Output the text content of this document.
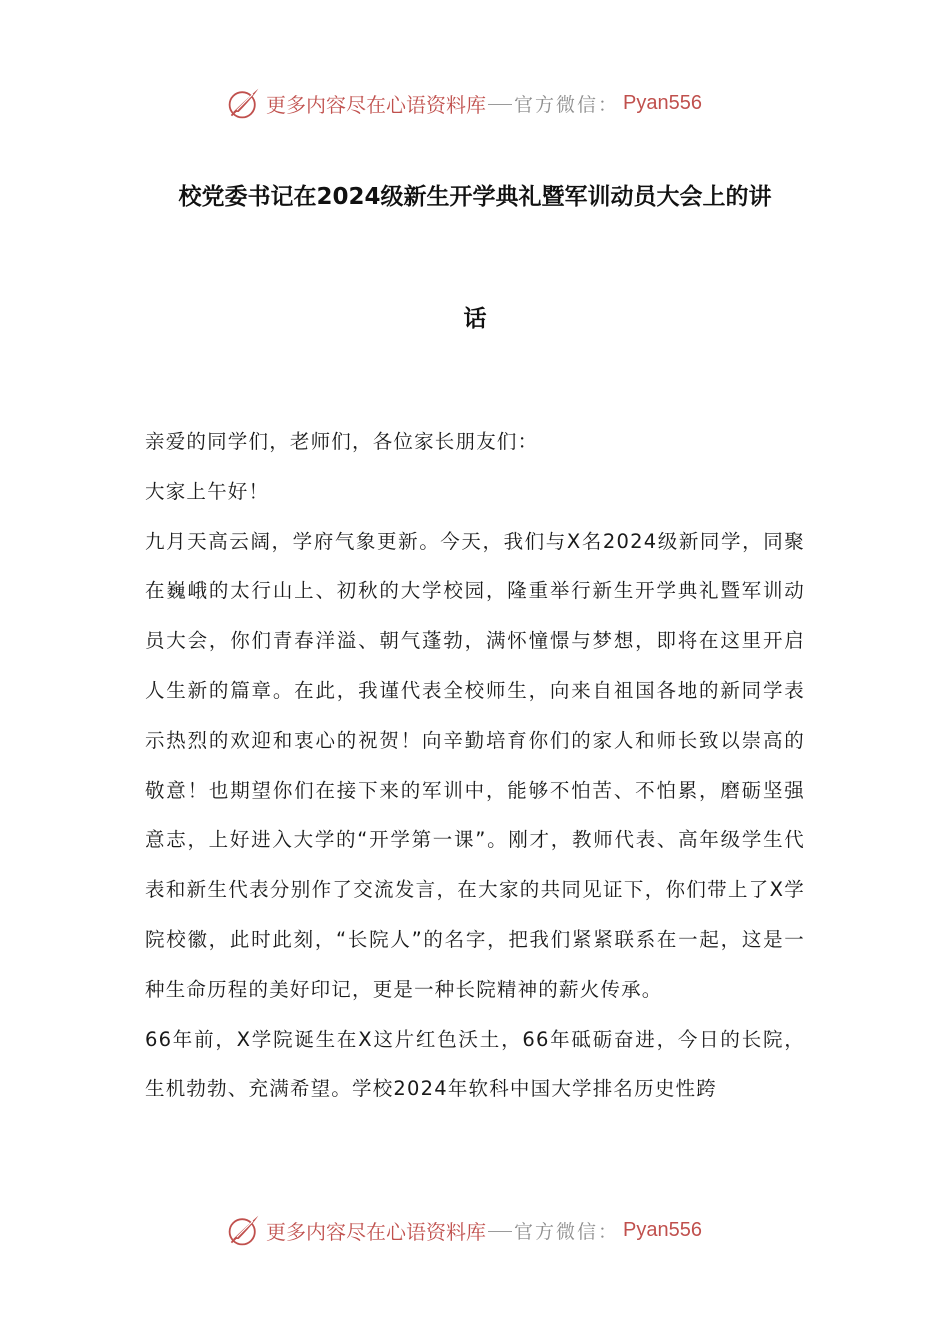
更多内容尽在心语资料库 官方微信： Pyan556
校党委书记在2024级新生开学典礼暨军训动员大会上的讲
话

亲爱的同学们，老师们，各位家长朋友们：

大家上午好！

九月天高云阔，学府气象更新。今天，我们与X名2024级新同学，同聚在巍峨的太行山上、初秋的大学校园，隆重举行新生开学典礼暨军训动员大会，你们青春洋溢、朝气蓬勃，满怀憧憬与梦想，即将在这里开启人生新的篇章。在此，我谨代表全校师生，向来自祖国各地的新同学表示热烈的欢迎和衷心的祝贺！向辛勤培育你们的家人和师长致以崇高的敬意！也期望你们在接下来的军训中，能够不怕苦、不怕累，磨砺坚强意志，上好进入大学的“开学第一课”。刚才，教师代表、高年级学生代表和新生代表分别作了交流发言，在大家的共同见证下，你们带上了X学院校徽，此时此刻，“长院人”的名字，把我们紧紧联系在一起，这是一种生命历程的美好印记，更是一种长院精神的薪火传承。

66年前，X学院诞生在X这片红色沃土，66年砥砺奋进，今日的长院，生机勃勃、充满希望。学校2024年软科中国大学排名历史性跨

更多内容尽在心语资料库 官方微信： Pyan556
